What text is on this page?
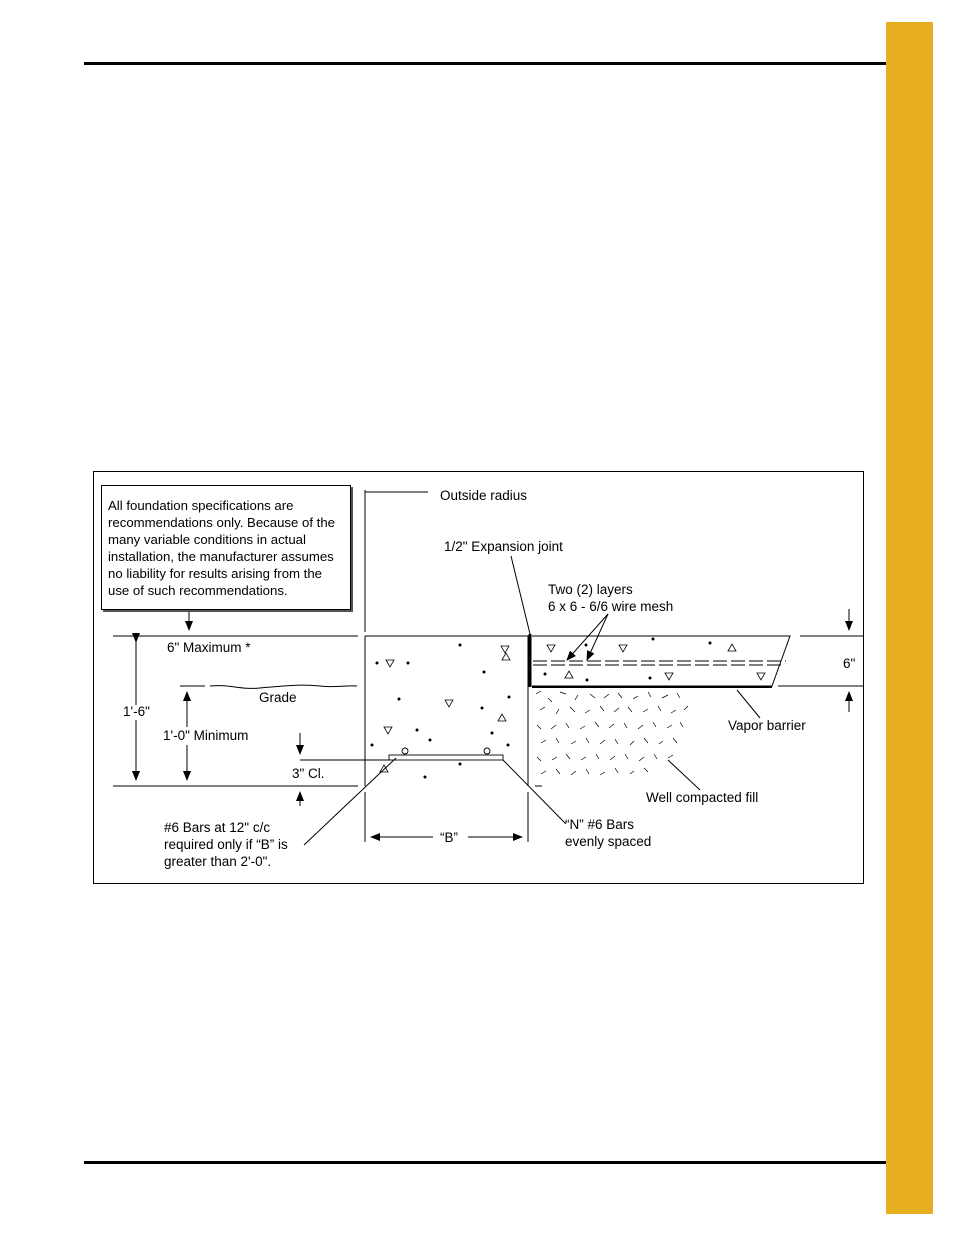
All foundation specifications are recommendations only. Because of the many variable conditions in actual installation, the manufacturer assumes no liability for results arising from the use of such recommendations.
Outside radius
1/2" Expansion joint
Two (2) layers
6 x 6 - 6/6 wire mesh
6" Maximum *
Grade
1'-6"
1'-0" Minimum
3" Cl.
6"
Vapor barrier
Well compacted fill
#6 Bars at 12" c/c
required only if “B” is
greater than 2'-0".
“B”
“N” #6 Bars
evenly spaced
